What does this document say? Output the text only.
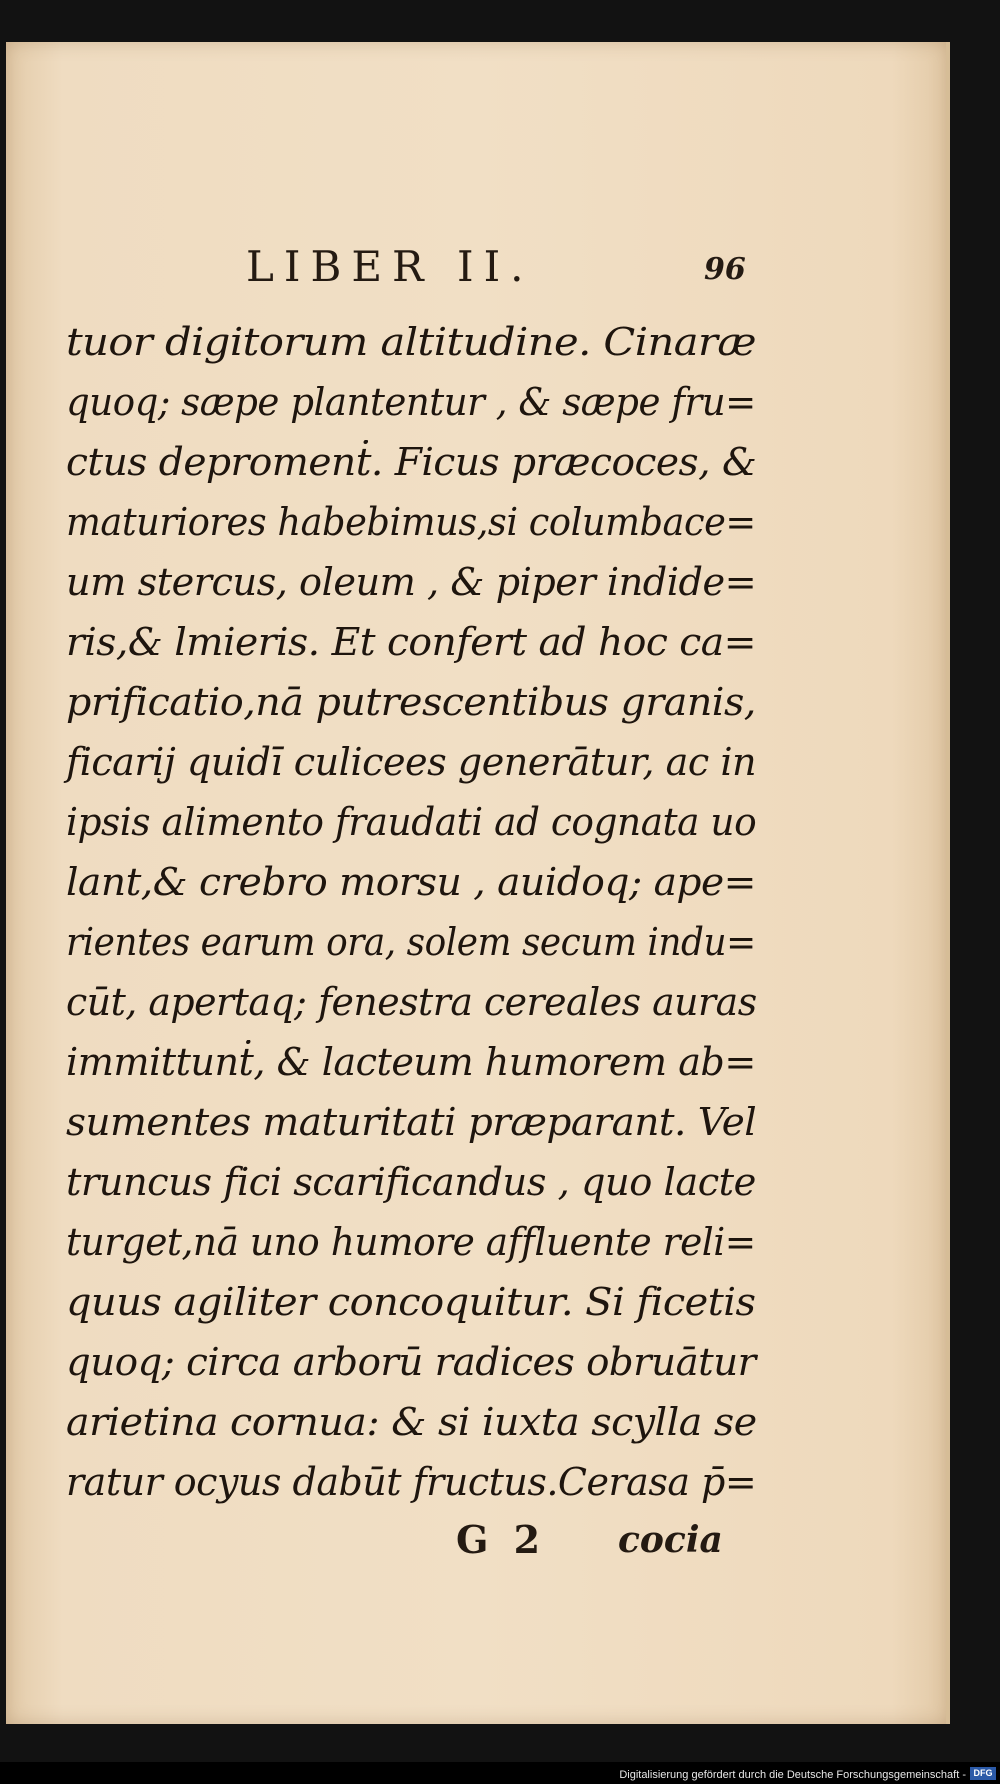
LIBER II.	96
tuor digitorum altitudine. Cinaræ
quoq; sæpe plantentur , & sæpe fru=
ctus depromenṫ. Ficus præcoces, &
maturiores habebimus,si columbace=
um stercus, oleum , & piper indide=
ris,& lmieris. Et confert ad hoc ca=
prificatio,nā putrescentibus granis,
ficarij quidī culicees generātur, ac in
ipsis alimento fraudati ad cognata uo
lant,& crebro morsu , auidoq; ape=
rientes earum ora, solem secum indu=
cūt, apertaq; fenestra cereales auras
immittunṫ, & lacteum humorem ab=
sumentes maturitati præparant. Vel
truncus fici scarificandus , quo lacte
turget,nā uno humore affluente reli=
quus agiliter concoquitur. Si ficetis
quoq; circa arborū radices obruātur
arietina cornua: & si iuxta scylla se
ratur ocyus dabūt fructus.Cerasa p̄=
G 2 cocia
Digitalisierung gefördert durch die Deutsche Forschungsgemeinschaft - DFG
